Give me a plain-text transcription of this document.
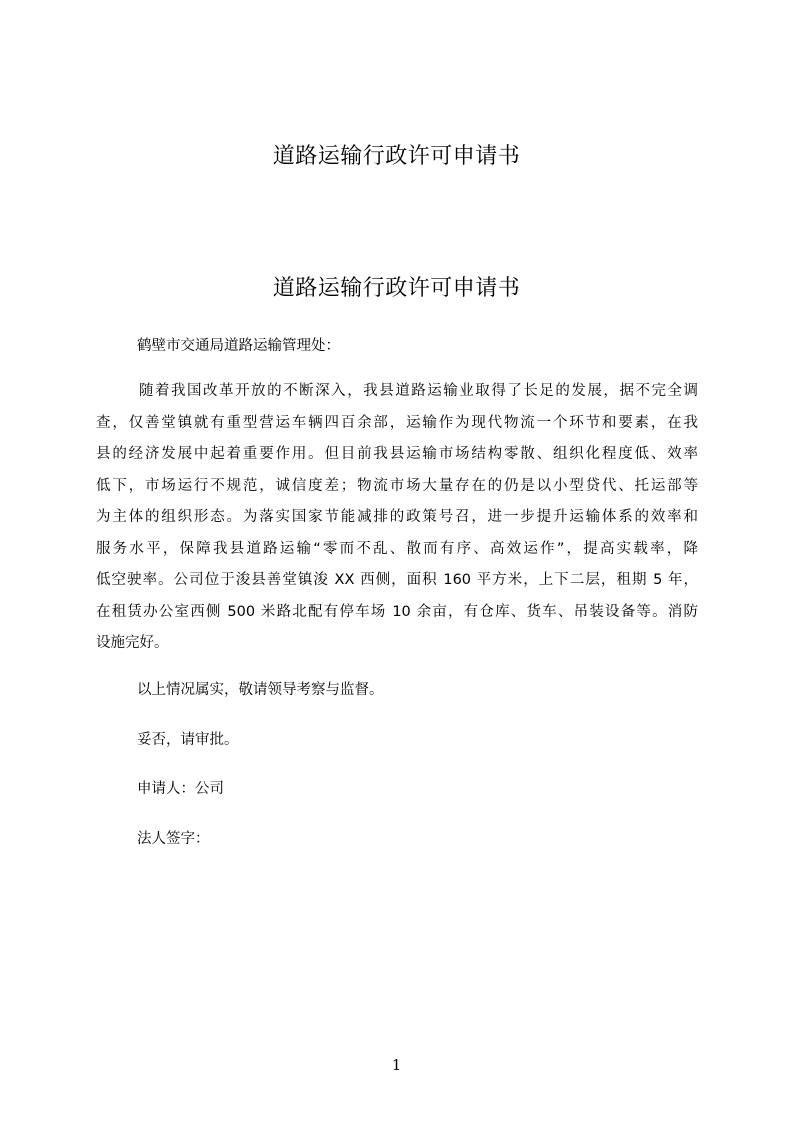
道路运输行政许可申请书
道路运输行政许可申请书
鹤壁市交通局道路运输管理处：
随着我国改革开放的不断深入，我县道路运输业取得了长足的发展，据不完全调
查，仅善堂镇就有重型营运车辆四百余部，运输作为现代物流一个环节和要素，在我
县的经济发展中起着重要作用。但目前我县运输市场结构零散、组织化程度低、效率
低下，市场运行不规范，诚信度差；物流市场大量存在的仍是以小型贷代、托运部等
为主体的组织形态。为落实国家节能减排的政策号召，进一步提升运输体系的效率和
服务水平，保障我县道路运输“零而不乱、散而有序、高效运作”，提高实载率，降
低空驶率。公司位于浚县善堂镇浚 XX 西侧，面积 160 平方米，上下二层，租期 5 年，
在租赁办公室西侧 500 米路北配有停车场 10 余亩，有仓库、货车、吊装设备等。消防
设施完好。
以上情况属实，敬请领导考察与监督。
妥否，请审批。
申请人：公司
法人签字：
1
